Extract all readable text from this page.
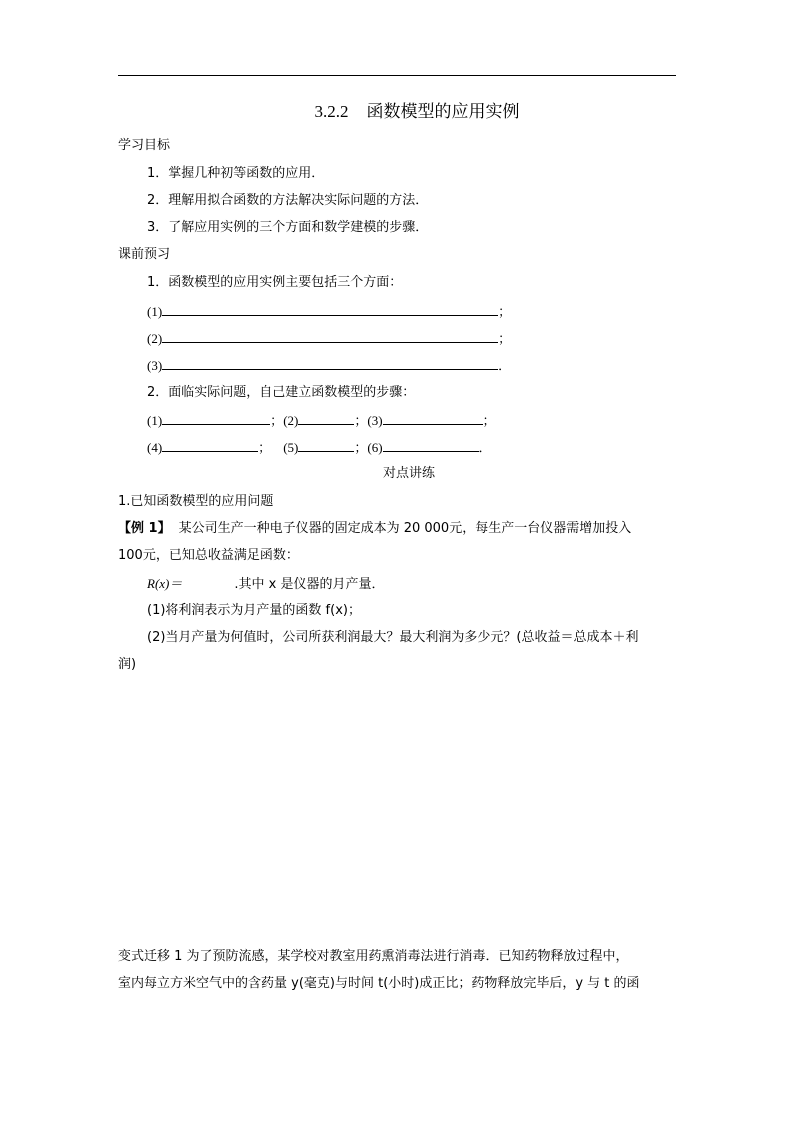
3.2.2 函数模型的应用实例
学习目标
1．掌握几种初等函数的应用．
2．理解用拟合函数的方法解决实际问题的方法．
3．了解应用实例的三个方面和数学建模的步骤．
课前预习
1．函数模型的应用实例主要包括三个方面：
(1)	；
(2)	；
(3)	．
2．面临实际问题，自己建立函数模型的步骤：
(1)	；(2)	；(3)	；
(4)	； (5)	；(6)	．
对点讲练
1.已知函数模型的应用问题
【例 1】 某公司生产一种电子仪器的固定成本为 20 000元，每生产一台仪器需增加投入
100元，已知总收益满足函数：
R(x)＝	.其中 x 是仪器的月产量．
(1)将利润表示为月产量的函数 f(x)；
(2)当月产量为何值时，公司所获利润最大？最大利润为多少元？(总收益＝总成本＋利
润)
变式迁移 1 为了预防流感，某学校对教室用药熏消毒法进行消毒．已知药物释放过程中，
室内每立方米空气中的含药量 y(毫克)与时间 t(小时)成正比；药物释放完毕后，y 与 t 的函
